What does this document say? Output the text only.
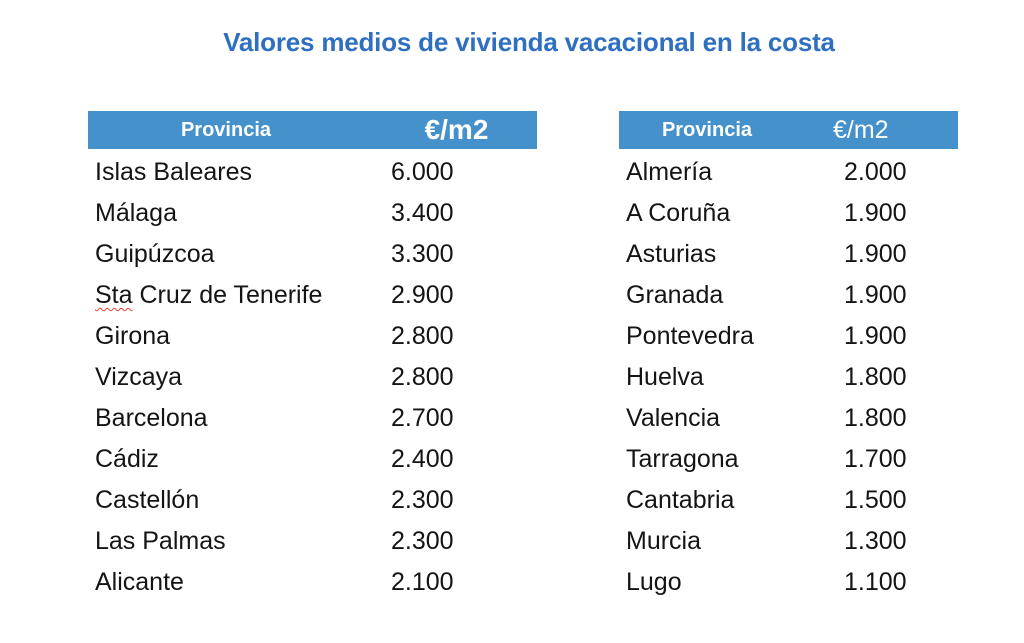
Valores medios de vivienda vacacional en la costa
Provincia	€/m2
Islas Baleares	6.000
Málaga	3.400
Guipúzcoa	3.300
Sta Cruz de Tenerife	2.900
Girona	2.800
Vizcaya	2.800
Barcelona	2.700
Cádiz	2.400
Castellón	2.300
Las Palmas	2.300
Alicante	2.100
Provincia	€/m2
Almería	2.000
A Coruña	1.900
Asturias	1.900
Granada	1.900
Pontevedra	1.900
Huelva	1.800
Valencia	1.800
Tarragona	1.700
Cantabria	1.500
Murcia	1.300
Lugo	1.100
